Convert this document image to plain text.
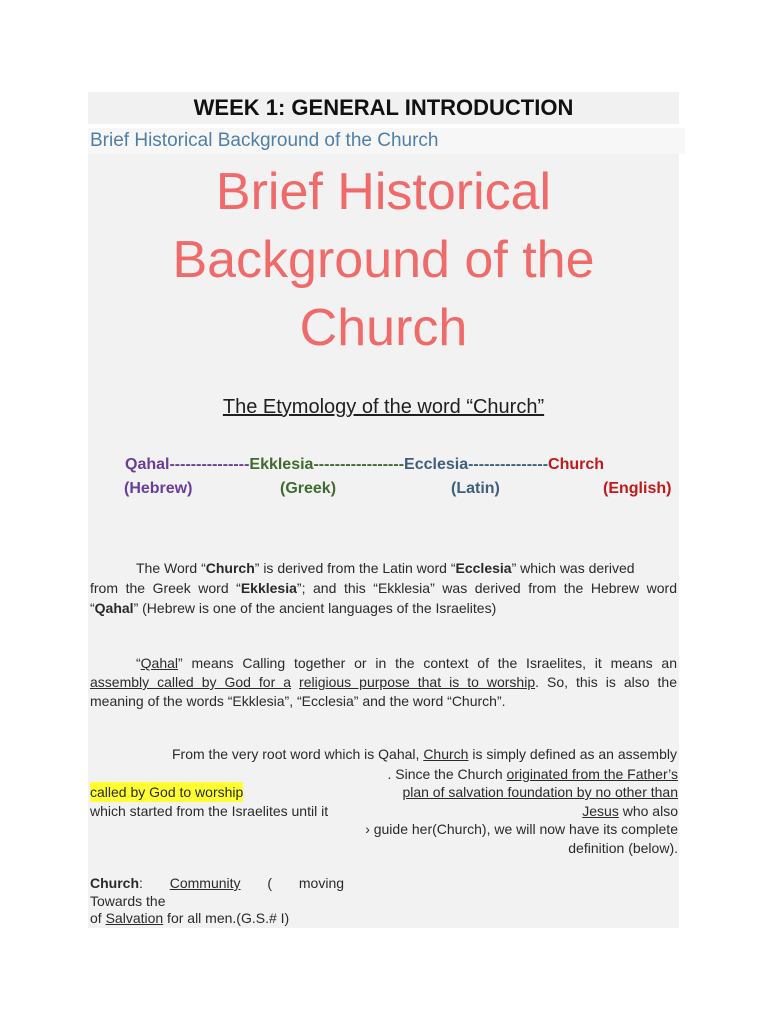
WEEK 1: GENERAL INTRODUCTION
Brief Historical Background of the Church
Brief Historical
Background of the
Church
The Etymology of the word “Church”
Qahal---------------Ekklesia-----------------Ecclesia---------------Church
(Hebrew)	(Greek)	(Latin)	(English)
The Word “Church” is derived from the Latin word “Ecclesia” which was derived
from the Greek word “Ekklesia”; and this “Ekklesia” was derived from the Hebrew word
“Qahal” (Hebrew is one of the ancient languages of the Israelites)
“Qahal” means Calling together or in the context of the Israelites, it means an
assembly called by God for a religious purpose that is to worship. So, this is also the
meaning of the words “Ekklesia”, “Ecclesia” and the word “Church”.
From the very root word which is Qahal, Church is simply defined as an assembly
. Since the Church originated from the Father’s
called by God to worship	plan of salvation foundation by no other than
which started from the Israelites until it	Jesus who also
› guide her(Church), we will now have its complete
definition (below).
Church: Community ( moving
Towards the
of Salvation for all men.(G.S.# I)
